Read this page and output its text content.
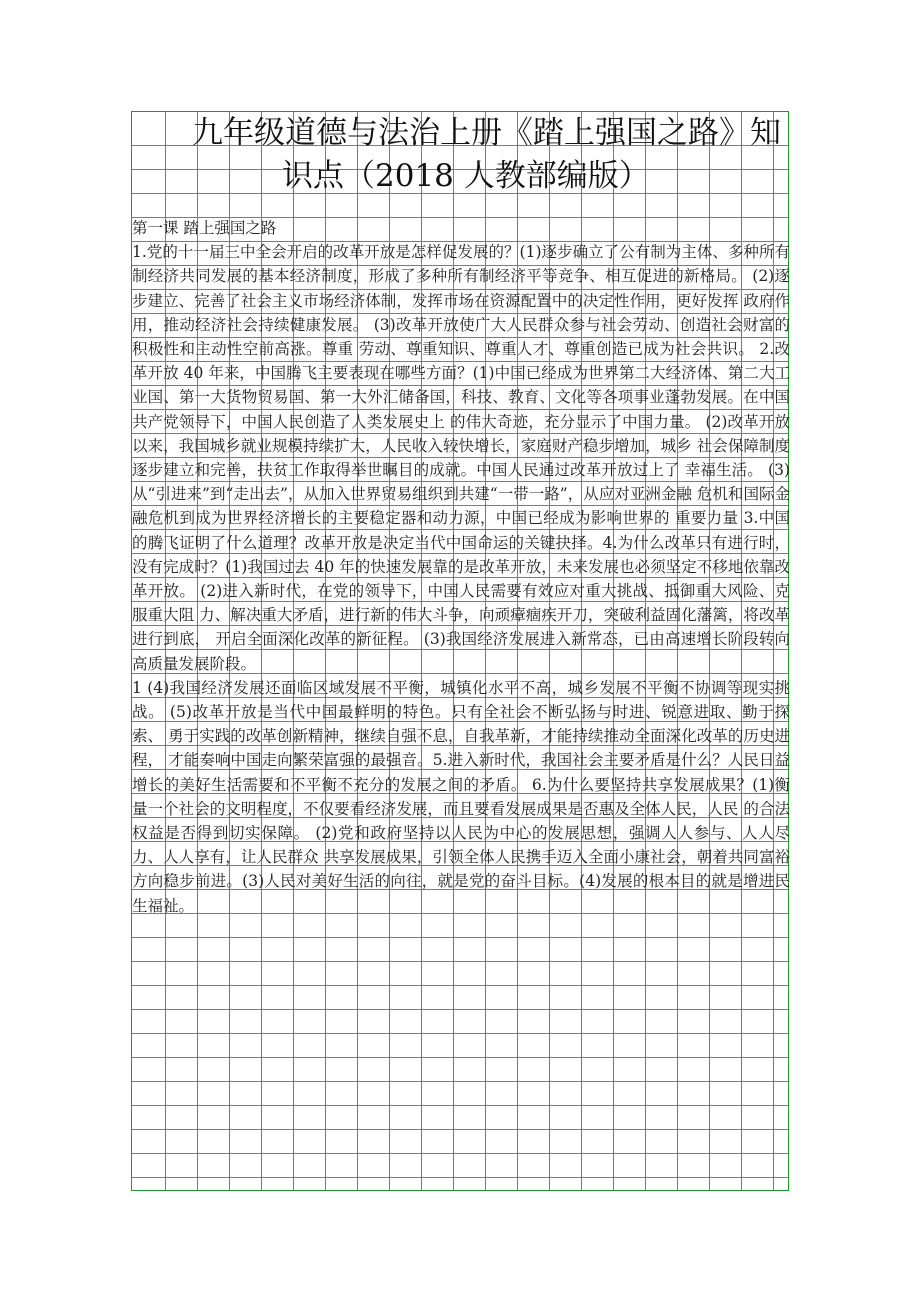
九年级道德与法治上册《踏上强国之路》知
识点（2018 人教部编版）

第一课 踏上强国之路

1.党的十一届三中全会开启的改革开放是怎样促发展的？(1)逐步确立了公有制为主体、多种所有制经济共同发展的基本经济制度，形成了多种所有制经济平等竞争、相互促进的新格局。 (2)逐步建立、完善了社会主义市场经济体制，发挥市场在资源配置中的决定性作用，更好发挥 政府作用，推动经济社会持续健康发展。 (3)改革开放使广大人民群众参与社会劳动、创造社会财富的积极性和主动性空前高涨。尊重 劳动、尊重知识、尊重人才、尊重创造已成为社会共识。 2.改革开放 40 年来，中国腾飞主要表现在哪些方面？(1)中国已经成为世界第二大经济体、第二大工业国、第一大货物贸易国、第一大外汇储备国，科技、教育、文化等各项事业蓬勃发展。在中国共产党领导下，中国人民创造了人类发展史上 的伟大奇迹，充分显示了中国力量。 (2)改革开放以来，我国城乡就业规模持续扩大，人民收入较快增长，家庭财产稳步增加，城乡 社会保障制度逐步建立和完善，扶贫工作取得举世瞩目的成就。中国人民通过改革开放过上了 幸福生活。 (3)从“引进来”到“走出去”，从加入世界贸易组织到共建“一带一路”，从应对亚洲金融 危机和国际金融危机到成为世界经济增长的主要稳定器和动力源，中国已经成为影响世界的 重要力量 3.中国的腾飞证明了什么道理？改革开放是决定当代中国命运的关键抉择。4.为什么改革只有进行时，没有完成时？(1)我国过去 40 年的快速发展靠的是改革开放，未来发展也必须坚定不移地依靠改革开放。 (2)进入新时代，在党的领导下，中国人民需要有效应对重大挑战、抵御重大风险、克服重大阻 力、解决重大矛盾，进行新的伟大斗争，向顽瘴痼疾开刀，突破利益固化藩篱，将改革进行到底， 开启全面深化改革的新征程。 (3)我国经济发展进入新常态，已由高速增长阶段转向高质量发展阶段。

1 (4)我国经济发展还面临区域发展不平衡，城镇化水平不高，城乡发展不平衡不协调等现实挑 战。 (5)改革开放是当代中国最鲜明的特色。只有全社会不断弘扬与时进、锐意进取、勤于探索、 勇于实践的改革创新精神，继续自强不息，自我革新，才能持续推动全面深化改革的历史进程， 才能奏响中国走向繁荣富强的最强音。5.进入新时代，我国社会主要矛盾是什么？人民日益增长的美好生活需要和不平衡不充分的发展之间的矛盾。 6.为什么要坚持共享发展成果？(1)衡量一个社会的文明程度，不仅要看经济发展，而且要看发展成果是否惠及全体人民，人民 的合法权益是否得到切实保障。 (2)党和政府坚持以人民为中心的发展思想，强调人人参与、人人尽力、人人享有，让人民群众 共享发展成果，引领全体人民携手迈入全面小康社会，朝着共同富裕方向稳步前进。(3)人民对美好生活的向往，就是党的奋斗目标。(4)发展的根本目的就是增进民生福祉。
